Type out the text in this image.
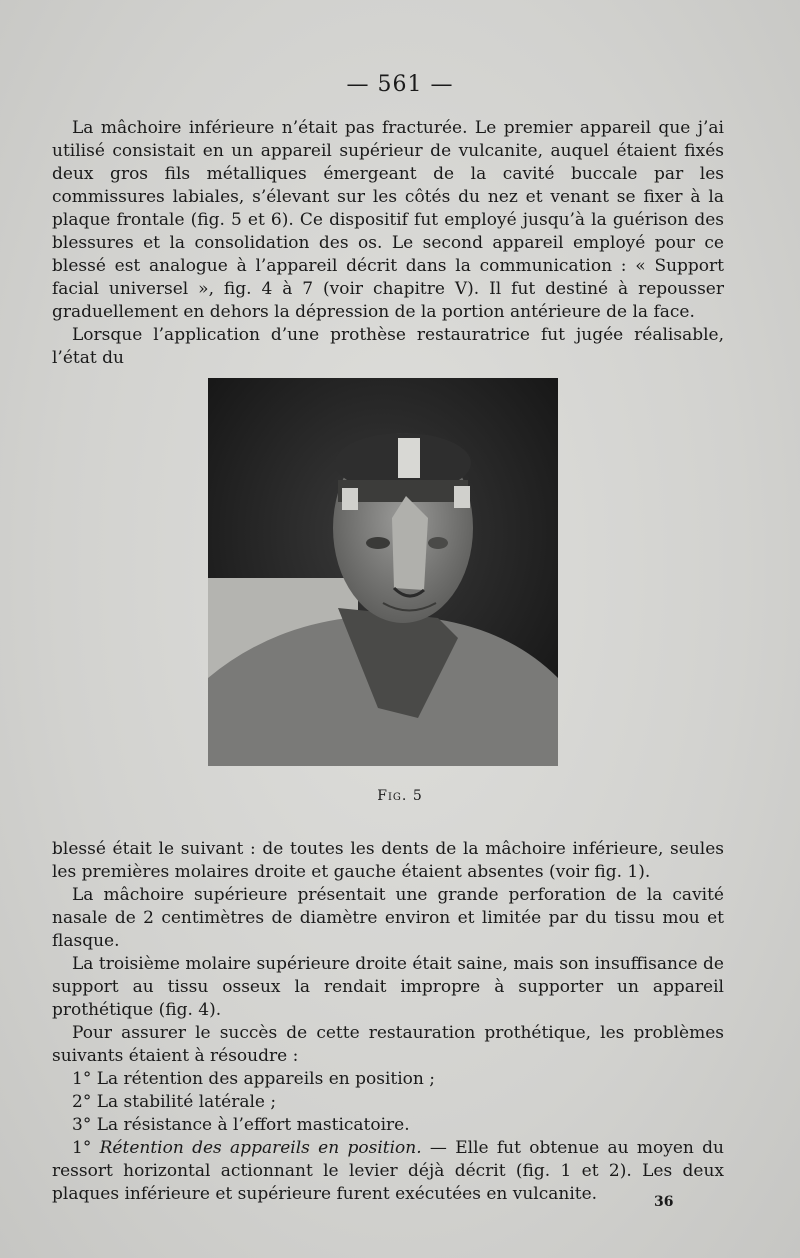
— 561 —

La mâchoire inférieure n’était pas fracturée. Le premier appareil que j’ai utilisé consistait en un appareil supérieur de vulcanite, auquel étaient fixés deux gros fils métalliques émergeant de la cavité buccale par les commissures labiales, s’élevant sur les côtés du nez et venant se fixer à la plaque frontale (fig. 5 et 6). Ce dispositif fut employé jusqu’à la guérison des blessures et la consolidation des os. Le second appareil employé pour ce blessé est analogue à l’appareil décrit dans la communication : « Support facial universel », fig. 4 à 7 (voir chapitre V). Il fut destiné à repousser graduellement en dehors la dépression de la portion antérieure de la face.

Lorsque l’application d’une prothèse restauratrice fut jugée réalisable, l’état du

Fig. 5

blessé était le suivant : de toutes les dents de la mâchoire inférieure, seules les premières molaires droite et gauche étaient absentes (voir fig. 1).

La mâchoire supérieure présentait une grande perforation de la cavité nasale de 2 centimètres de diamètre environ et limitée par du tissu mou et flasque.

La troisième molaire supérieure droite était saine, mais son insuffisance de support au tissu osseux la rendait impropre à supporter un appareil prothétique (fig. 4).

Pour assurer le succès de cette restauration prothétique, les problèmes suivants étaient à résoudre :

1° La rétention des appareils en position ;

2° La stabilité latérale ;

3° La résistance à l’effort masticatoire.

1° Rétention des appareils en position. — Elle fut obtenue au moyen du ressort horizontal actionnant le levier déjà décrit (fig. 1 et 2). Les deux plaques inférieure et supérieure furent exécutées en vulcanite.	36
